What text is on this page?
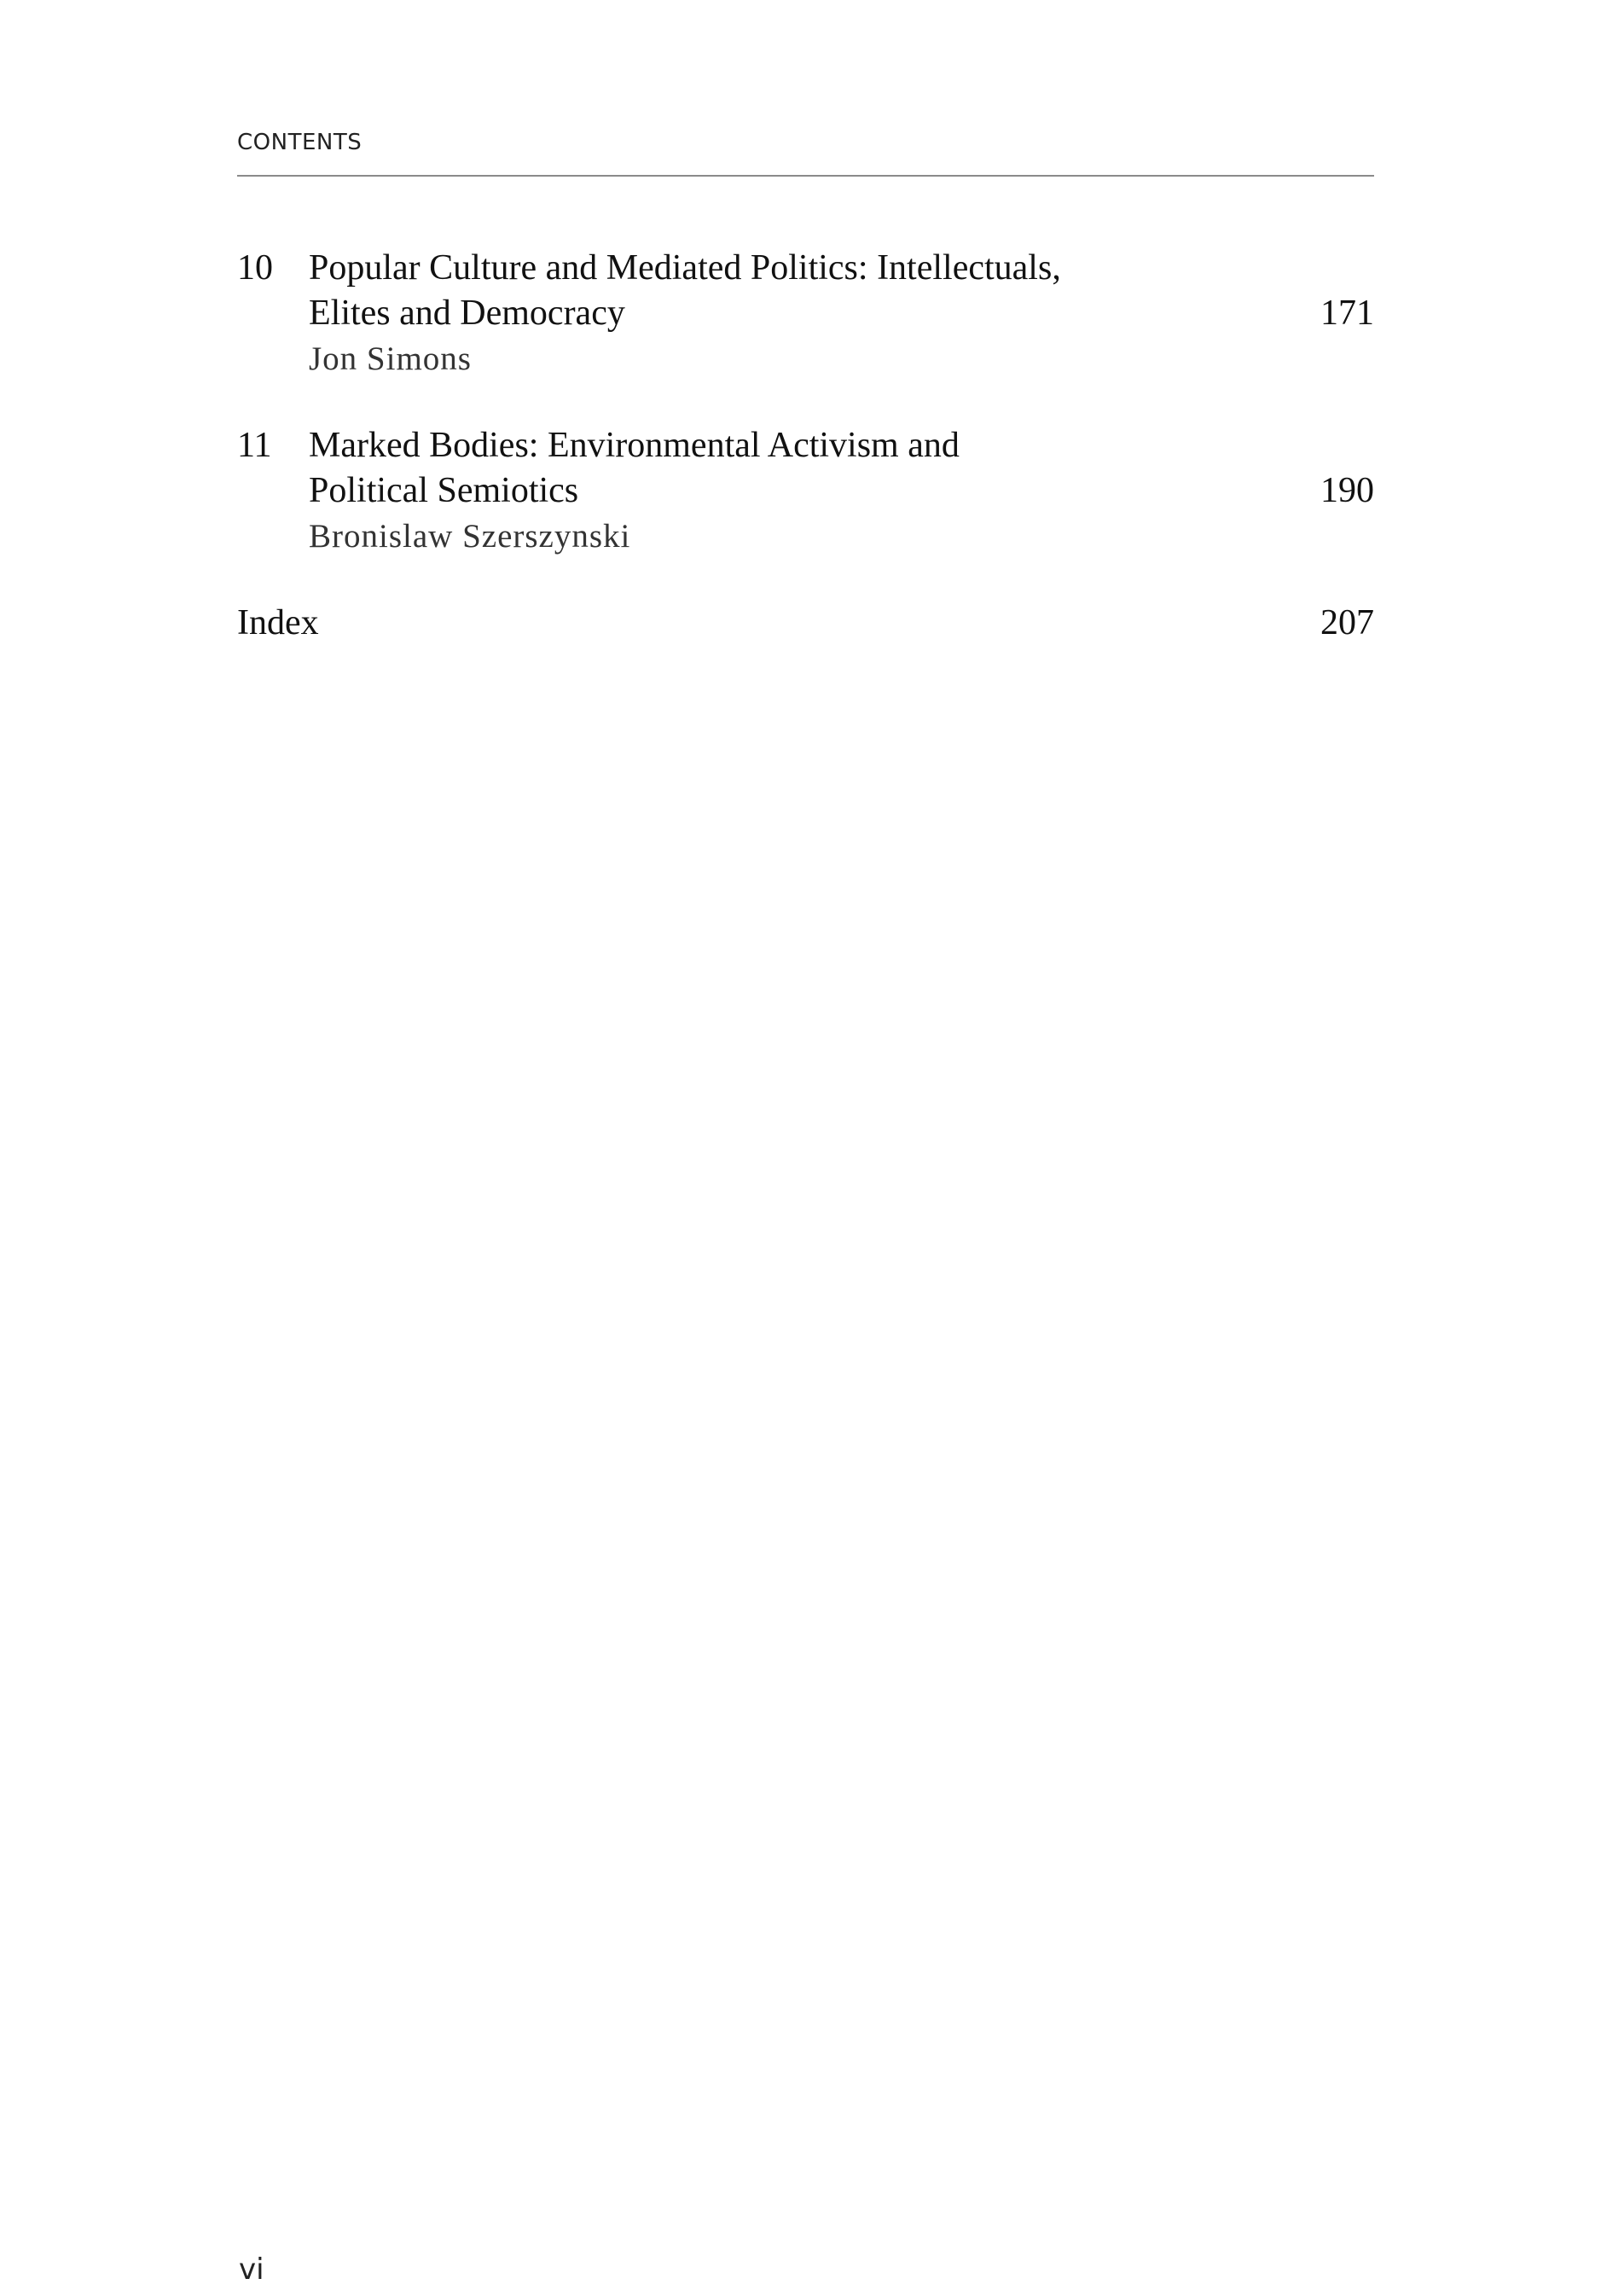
CONTENTS
10 Popular Culture and Mediated Politics: Intellectuals,
Elites and Democracy
Jon Simons
171
11 Marked Bodies: Environmental Activism and
Political Semiotics
Bronislaw Szerszynski
190
Index	207
vi
